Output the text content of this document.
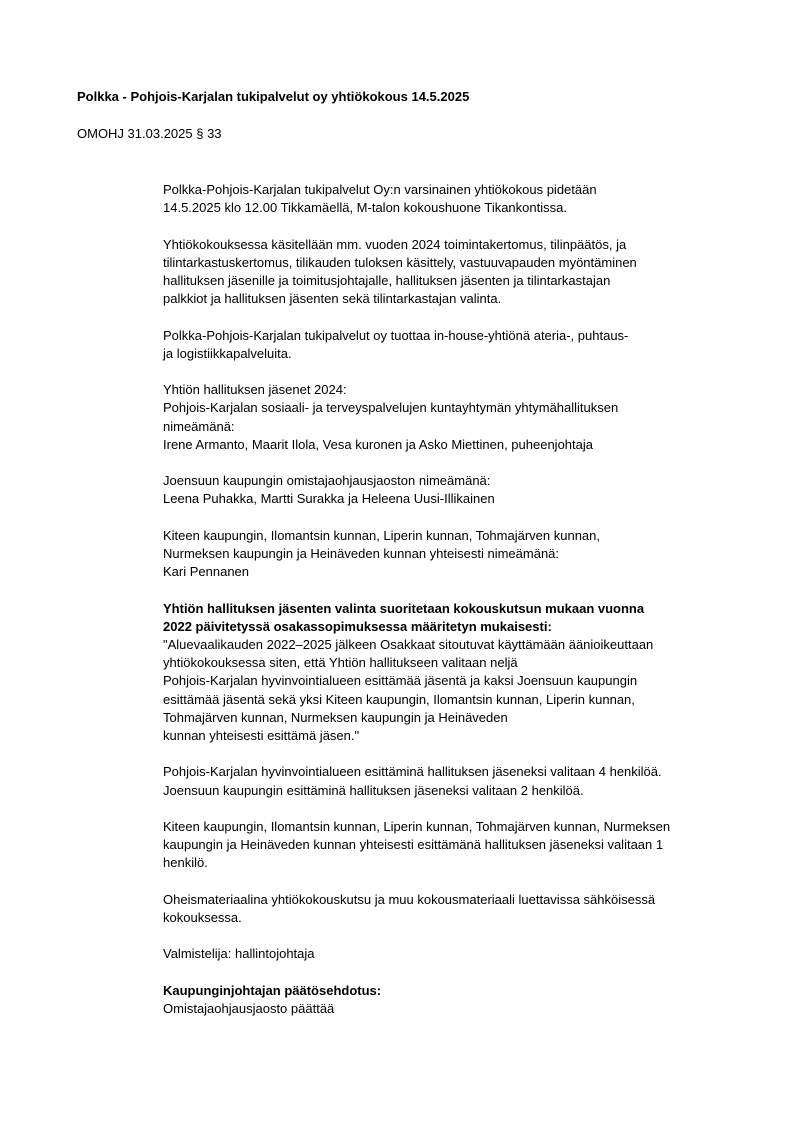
Polkka - Pohjois-Karjalan tukipalvelut oy yhtiökokous 14.5.2025
OMOHJ 31.03.2025 § 33
Polkka-Pohjois-Karjalan tukipalvelut Oy:n varsinainen yhtiökokous pidetään
14.5.2025 klo 12.00 Tikkamäellä, M-talon kokoushuone Tikankontissa.
Yhtiökokouksessa käsitellään mm. vuoden 2024 toimintakertomus, tilinpäätös, ja
tilintarkastuskertomus, tilikauden tuloksen käsittely, vastuuvapauden myöntäminen
hallituksen jäsenille ja toimitusjohtajalle, hallituksen jäsenten ja tilintarkastajan
palkkiot ja hallituksen jäsenten sekä tilintarkastajan valinta.
Polkka-Pohjois-Karjalan tukipalvelut oy tuottaa in-house-yhtiönä ateria-, puhtaus-
ja logistiikkapalveluita.
Yhtiön hallituksen jäsenet 2024:
Pohjois-Karjalan sosiaali- ja terveyspalvelujen kuntayhtymän yhtymähallituksen
nimeämänä:
Irene Armanto, Maarit Ilola, Vesa kuronen ja Asko Miettinen, puheenjohtaja
Joensuun kaupungin omistajaohjausjaoston nimeämänä:
Leena Puhakka, Martti Surakka ja Heleena Uusi-Illikainen
Kiteen kaupungin, Ilomantsin kunnan, Liperin kunnan, Tohmajärven kunnan,
Nurmeksen kaupungin ja Heinäveden kunnan yhteisesti nimeämänä:
Kari Pennanen
Yhtiön hallituksen jäsenten valinta suoritetaan kokouskutsun mukaan vuonna
2022 päivitetyssä osakassopimuksessa määritetyn mukaisesti:
"Aluevaalikauden 2022–2025 jälkeen Osakkaat sitoutuvat käyttämään äänioikeuttaan
yhtiökokouksessa siten, että Yhtiön hallitukseen valitaan neljä
Pohjois-Karjalan hyvinvointialueen esittämää jäsentä ja kaksi Joensuun kaupungin
esittämää jäsentä sekä yksi Kiteen kaupungin, Ilomantsin kunnan, Liperin kunnan,
Tohmajärven kunnan, Nurmeksen kaupungin ja Heinäveden
kunnan yhteisesti esittämä jäsen."
Pohjois-Karjalan hyvinvointialueen esittäminä hallituksen jäseneksi valitaan 4 henkilöä.
Joensuun kaupungin esittäminä hallituksen jäseneksi valitaan 2 henkilöä.
Kiteen kaupungin, Ilomantsin kunnan, Liperin kunnan, Tohmajärven kunnan, Nurmeksen
kaupungin ja Heinäveden kunnan yhteisesti esittämänä hallituksen jäseneksi valitaan 1
henkilö.
Oheismateriaalina yhtiökokouskutsu ja muu kokousmateriaali luettavissa sähköisessä
kokouksessa.
Valmistelija: hallintojohtaja
Kaupunginjohtajan päätösehdotus:
Omistajaohjausjaosto päättää
